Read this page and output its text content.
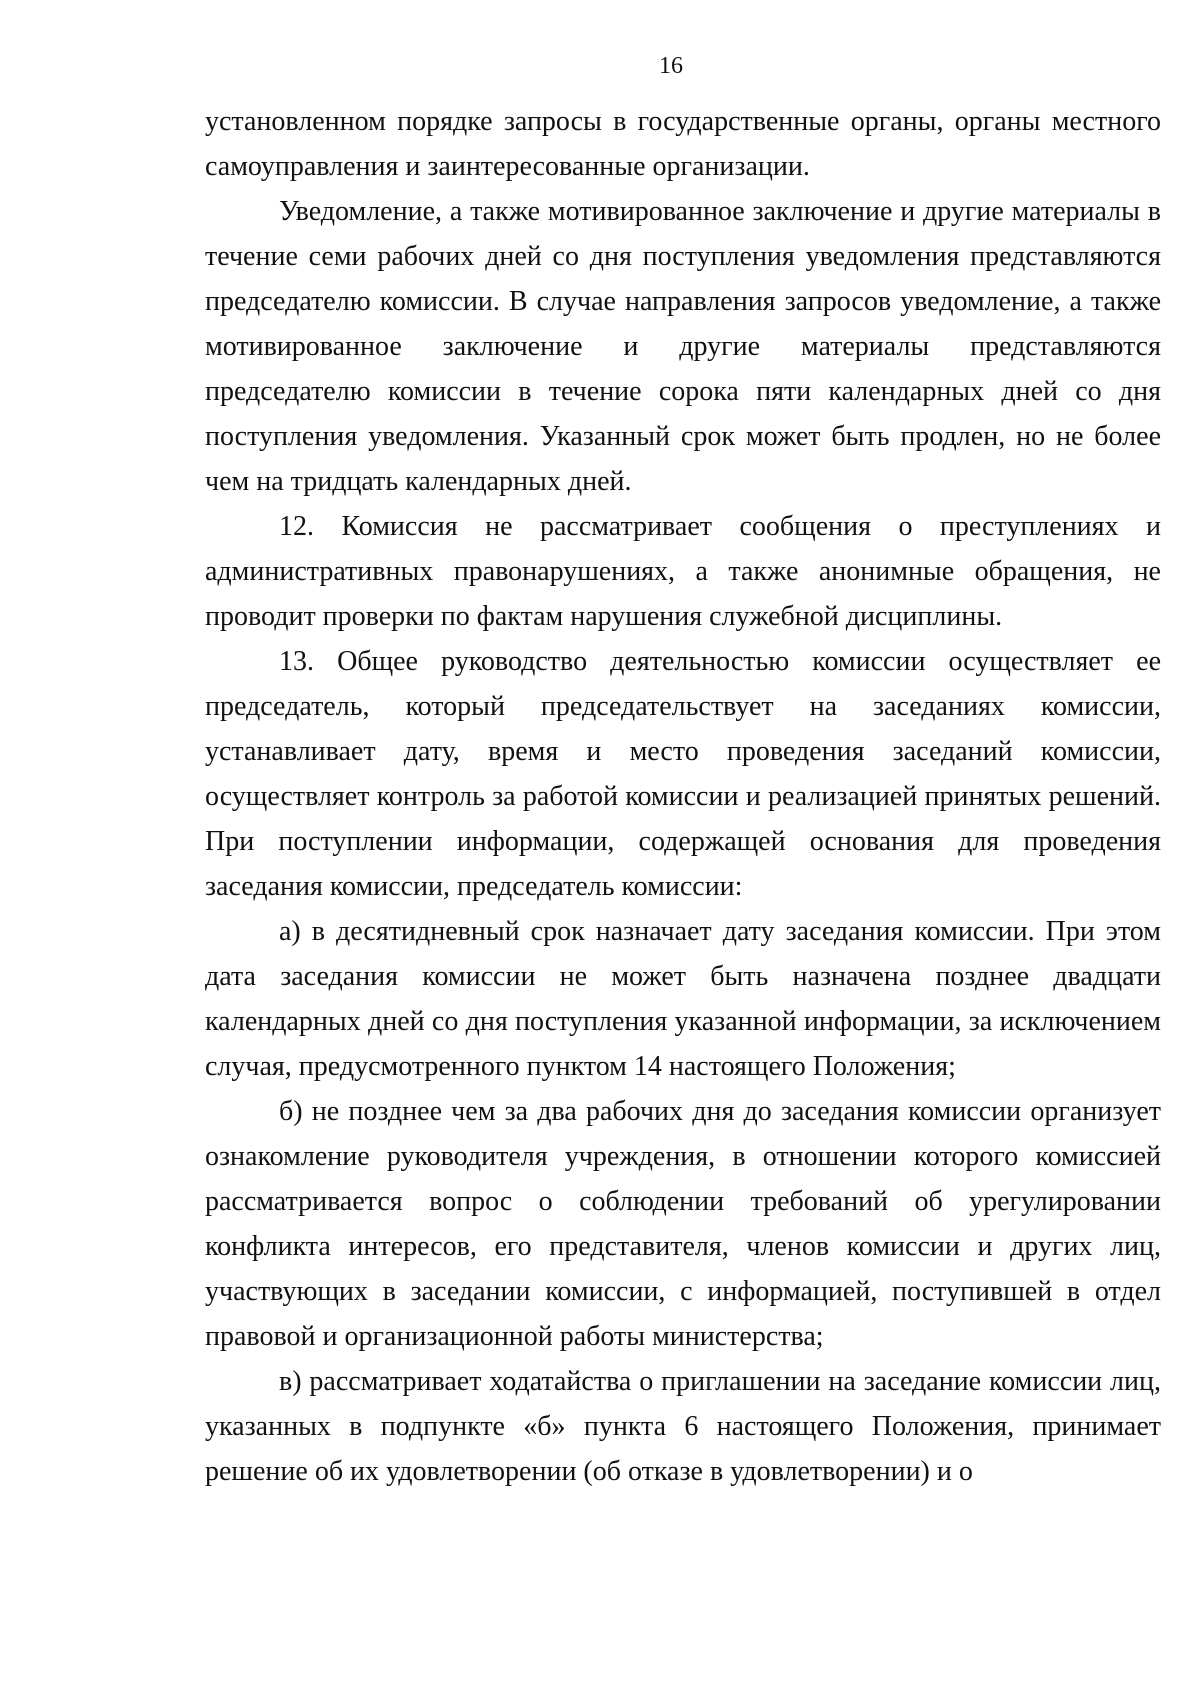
16

установленном порядке запросы в государственные органы, органы местного самоуправления и заинтересованные организации.

Уведомление, а также мотивированное заключение и другие материалы в течение семи рабочих дней со дня поступления уведомления представляются председателю комиссии. В случае направления запросов уведомление, а также мотивированное заключение и другие материалы представляются председателю комиссии в течение сорока пяти календарных дней со дня поступления уведомления. Указанный срок может быть продлен, но не более чем на тридцать календарных дней.

12. Комиссия не рассматривает сообщения о преступлениях и административных правонарушениях, а также анонимные обращения, не проводит проверки по фактам нарушения служебной дисциплины.

13. Общее руководство деятельностью комиссии осуществляет ее председатель, который председательствует на заседаниях комиссии, устанавливает дату, время и место проведения заседаний комиссии, осуществляет контроль за работой комиссии и реализацией принятых решений. При поступлении информации, содержащей основания для проведения заседания комиссии, председатель комиссии:

а) в десятидневный срок назначает дату заседания комиссии. При этом дата заседания комиссии не может быть назначена позднее двадцати календарных дней со дня поступления указанной информации, за исключением случая, предусмотренного пунктом 14 настоящего Положения;

б) не позднее чем за два рабочих дня до заседания комиссии организует ознакомление руководителя учреждения, в отношении которого комиссией рассматривается вопрос о соблюдении требований об урегулировании конфликта интересов, его представителя, членов комиссии и других лиц, участвующих в заседании комиссии, с информацией, поступившей в отдел правовой и организационной работы министерства;

в) рассматривает ходатайства о приглашении на заседание комиссии лиц, указанных в подпункте «б» пункта 6 настоящего Положения, принимает решение об их удовлетворении (об отказе в удовлетворении) и о
